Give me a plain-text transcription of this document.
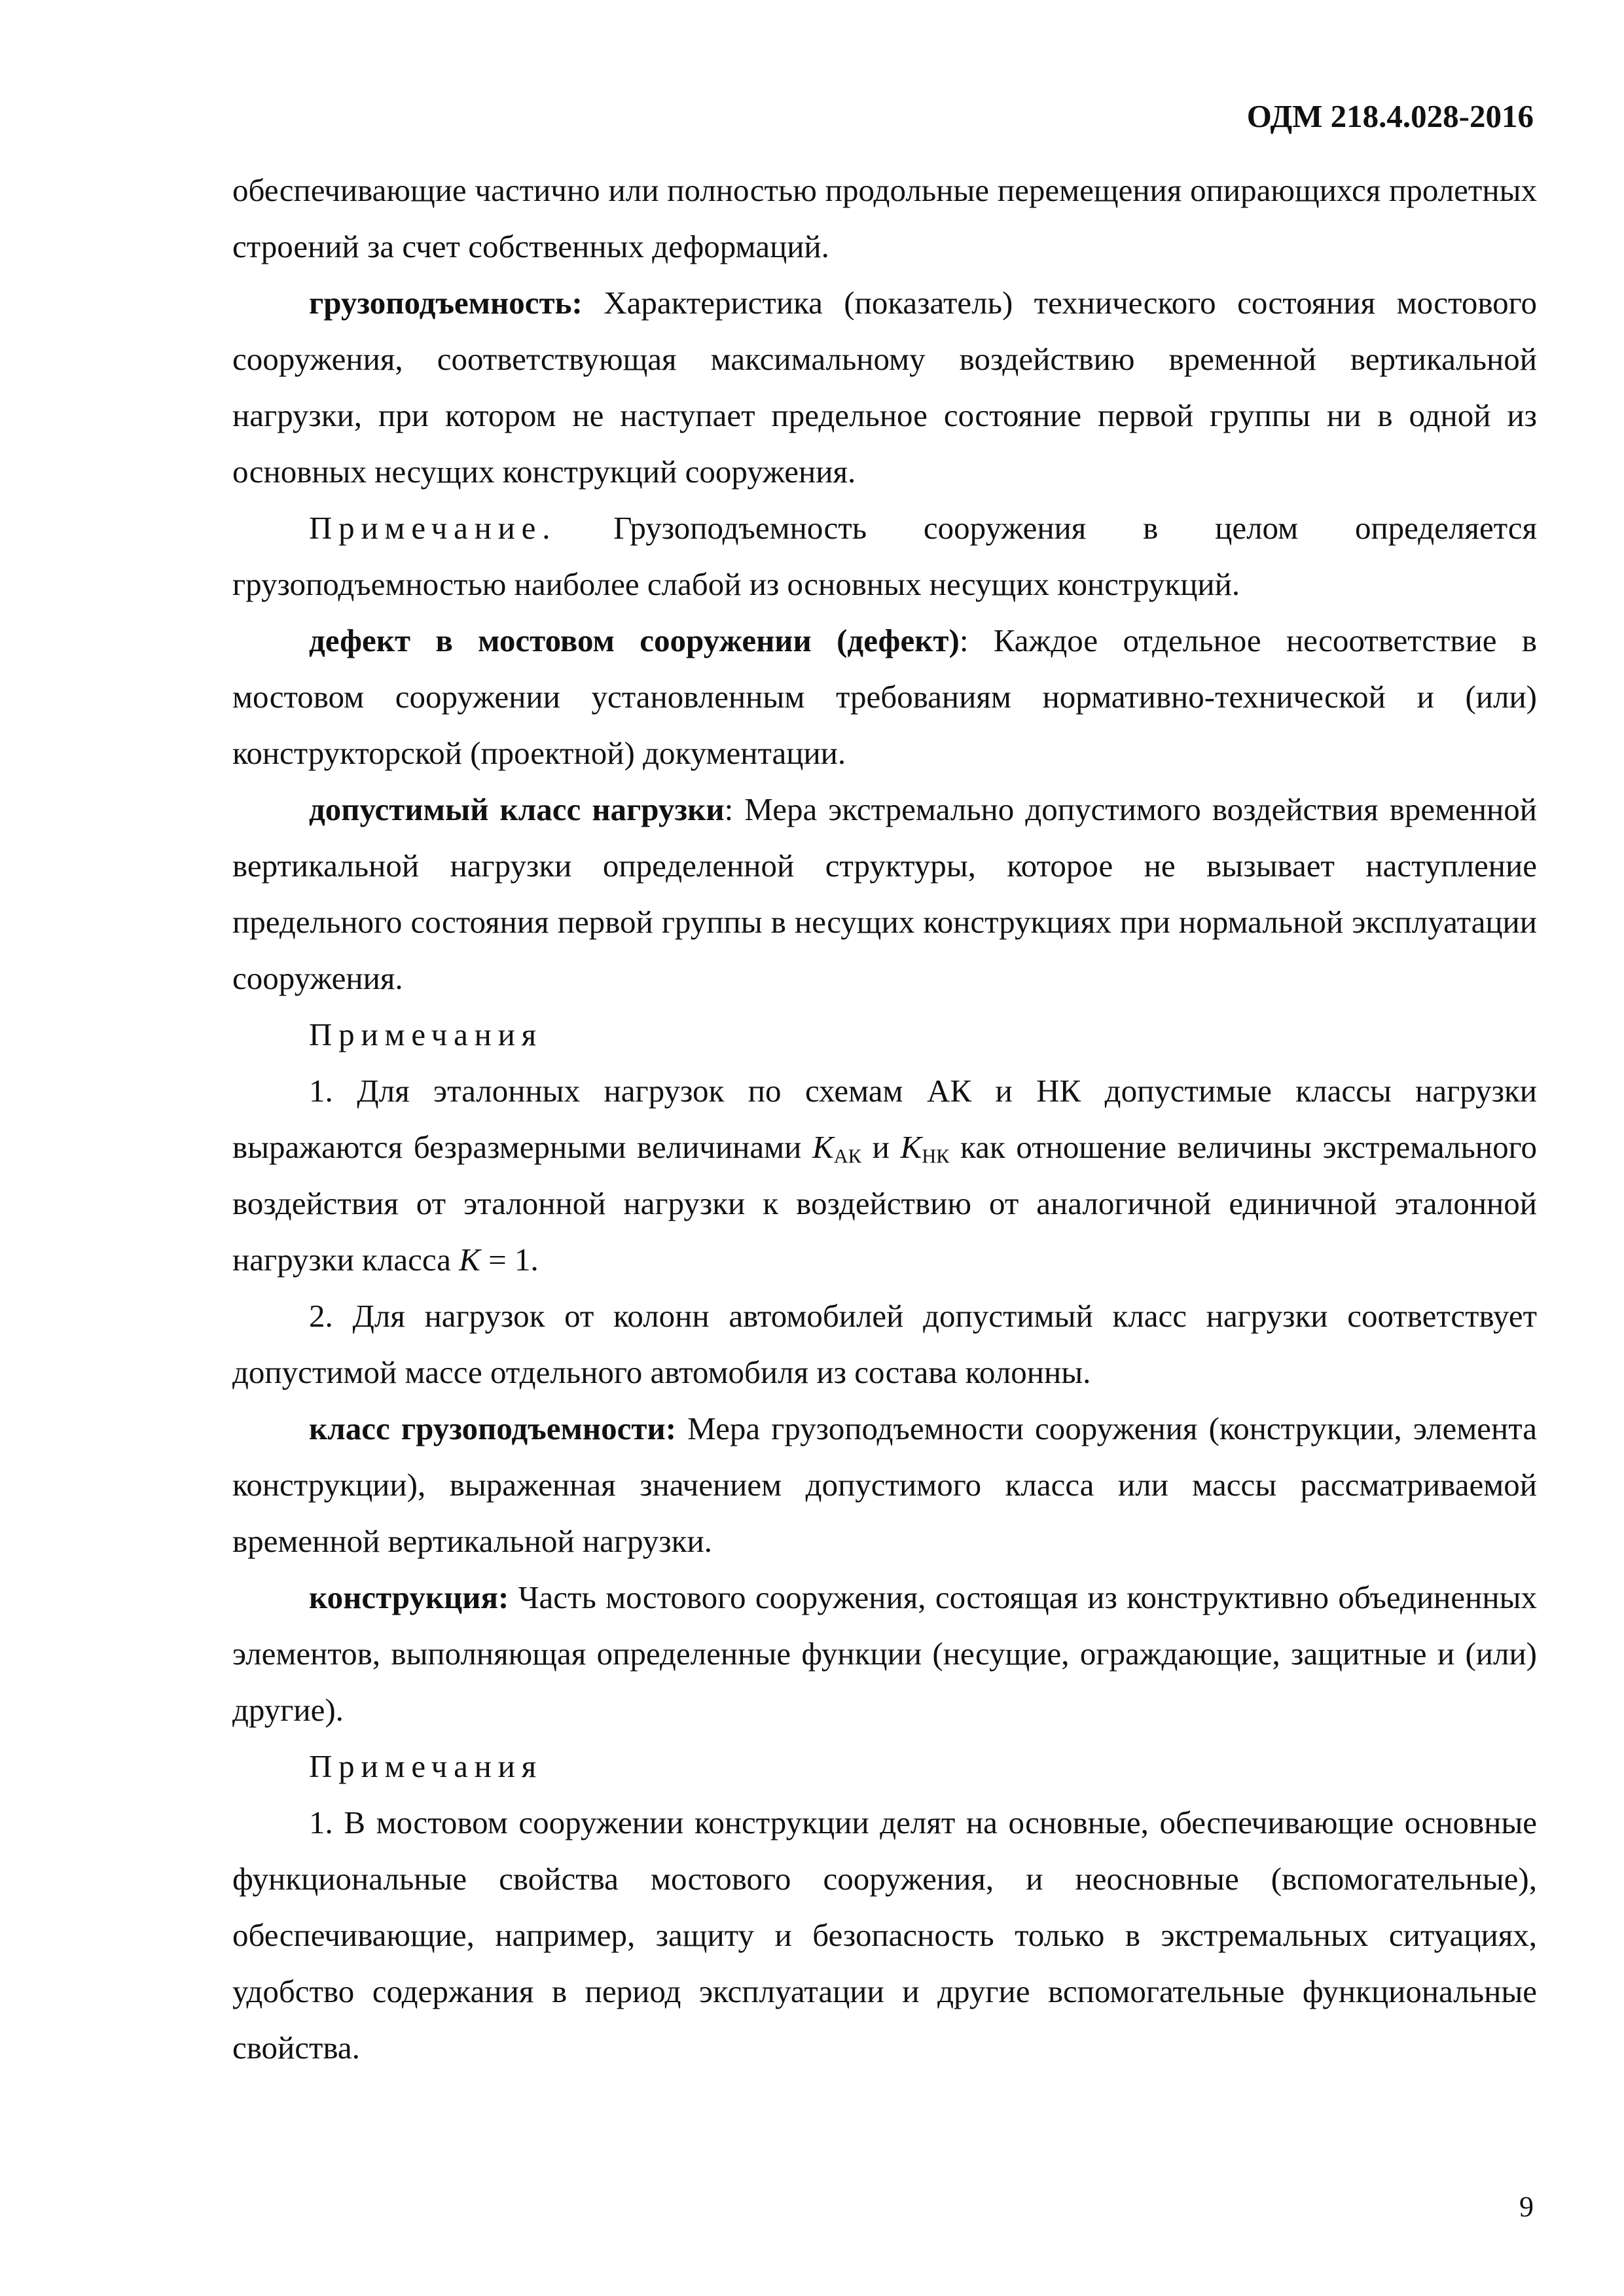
ОДМ 218.4.028-2016

обеспечивающие частично или полностью продольные перемещения опирающихся пролетных строений за счет собственных деформаций.

грузоподъемность: Характеристика (показатель) технического состояния мостового сооружения, соответствующая максимальному воздействию временной вертикальной нагрузки, при котором не наступает предельное состояние первой группы ни в одной из основных несущих конструкций сооружения.

Примечание. Грузоподъемность сооружения в целом определяется грузоподъемностью наиболее слабой из основных несущих конструкций.

дефект в мостовом сооружении (дефект): Каждое отдельное несоответствие в мостовом сооружении установленным требованиям нормативно-технической и (или) конструкторской (проектной) документации.

допустимый класс нагрузки: Мера экстремально допустимого воздействия временной вертикальной нагрузки определенной структуры, которое не вызывает наступление предельного состояния первой группы в несущих конструкциях при нормальной эксплуатации сооружения.

Примечания

1. Для эталонных нагрузок по схемам АК и НК допустимые классы нагрузки выражаются безразмерными величинами $K_{АК}$ и $K_{НК}$ как отношение величины экстремального воздействия от эталонной нагрузки к воздействию от аналогичной единичной эталонной нагрузки класса K = 1.

2. Для нагрузок от колонн автомобилей допустимый класс нагрузки соответствует допустимой массе отдельного автомобиля из состава колонны.

класс грузоподъемности: Мера грузоподъемности сооружения (конструкции, элемента конструкции), выраженная значением допустимого класса или массы рассматриваемой временной вертикальной нагрузки.

конструкция: Часть мостового сооружения, состоящая из конструктивно объединенных элементов, выполняющая определенные функции (несущие, ограждающие, защитные и (или) другие).

Примечания

1. В мостовом сооружении конструкции делят на основные, обеспечивающие основные функциональные свойства мостового сооружения, и неосновные (вспомогательные), обеспечивающие, например, защиту и безопасность только в экстремальных ситуациях, удобство содержания в период эксплуатации и другие вспомогательные функциональные свойства.

9
